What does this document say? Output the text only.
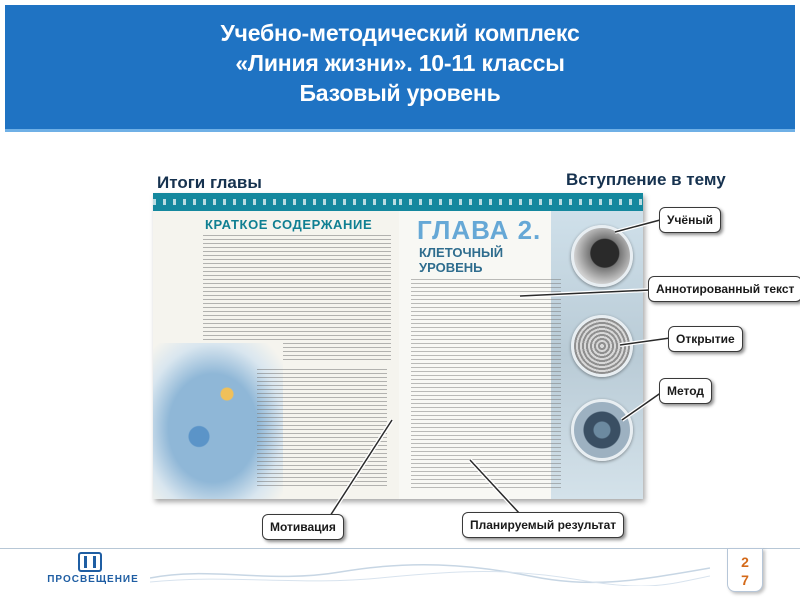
Учебно-методический комплекс
«Линия жизни». 10-11 классы
Базовый уровень
Итоги главы	Вступление в тему
КРАТКОЕ СОДЕРЖАНИЕ ГЛАВА 2.
КЛЕТОЧНЫЙ УРОВЕНЬ
Учёный
Аннотированный текст
Открытие
Метод
Мотивация	Планируемый результат
ПРОСВЕЩЕНИЕ
2
7
